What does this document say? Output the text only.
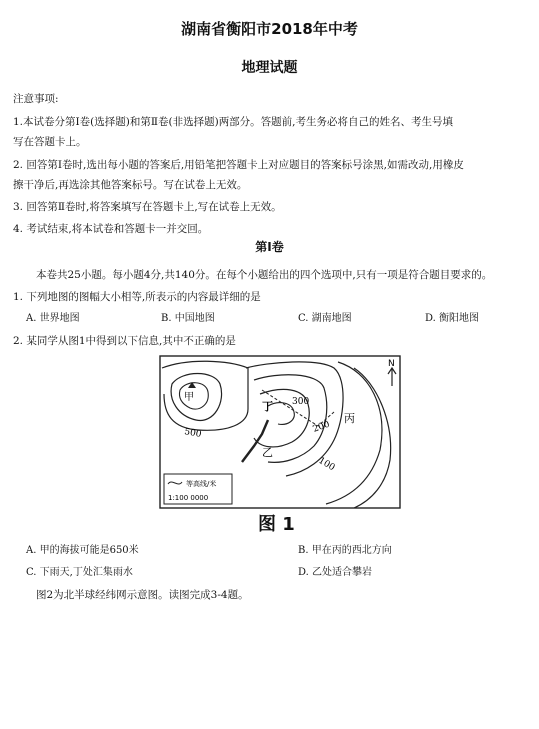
湖南省衡阳市2018年中考
地理试题
注意事项:
1.本试卷分第Ⅰ卷(选择题)和第Ⅱ卷(非选择题)两部分。答题前,考生务必将自己的姓名、考生号填
写在答题卡上。
2. 回答第Ⅰ卷时,选出每小题的答案后,用铅笔把答题卡上对应题目的答案标号涂黑,如需改动,用橡皮
擦干净后,再选涂其他答案标号。写在试卷上无效。
3. 回答第Ⅱ卷时,将答案填写在答题卡上,写在试卷上无效。
4. 考试结束,将本试卷和答题卡一并交回。
第Ⅰ卷
本卷共25小题。每小题4分,共140分。在每个小题给出的四个选项中,只有一项是符合题目要求的。
1. 下列地图的图幅大小相等,所表示的内容最详细的是
A. 世界地图	B. 中国地图	C. 湖南地图	D. 衡阳地图
2. 某同学从图1中得到以下信息,其中不正确的是
甲
500
丁 300
200
丙
100
乙
N
等高线/米
1:100 0000
图 1
A. 甲的海拔可能是650米	B. 甲在丙的西北方向
C. 下雨天,丁处汇集雨水	D. 乙处适合攀岩
图2为北半球经纬网示意图。读图完成3-4题。
